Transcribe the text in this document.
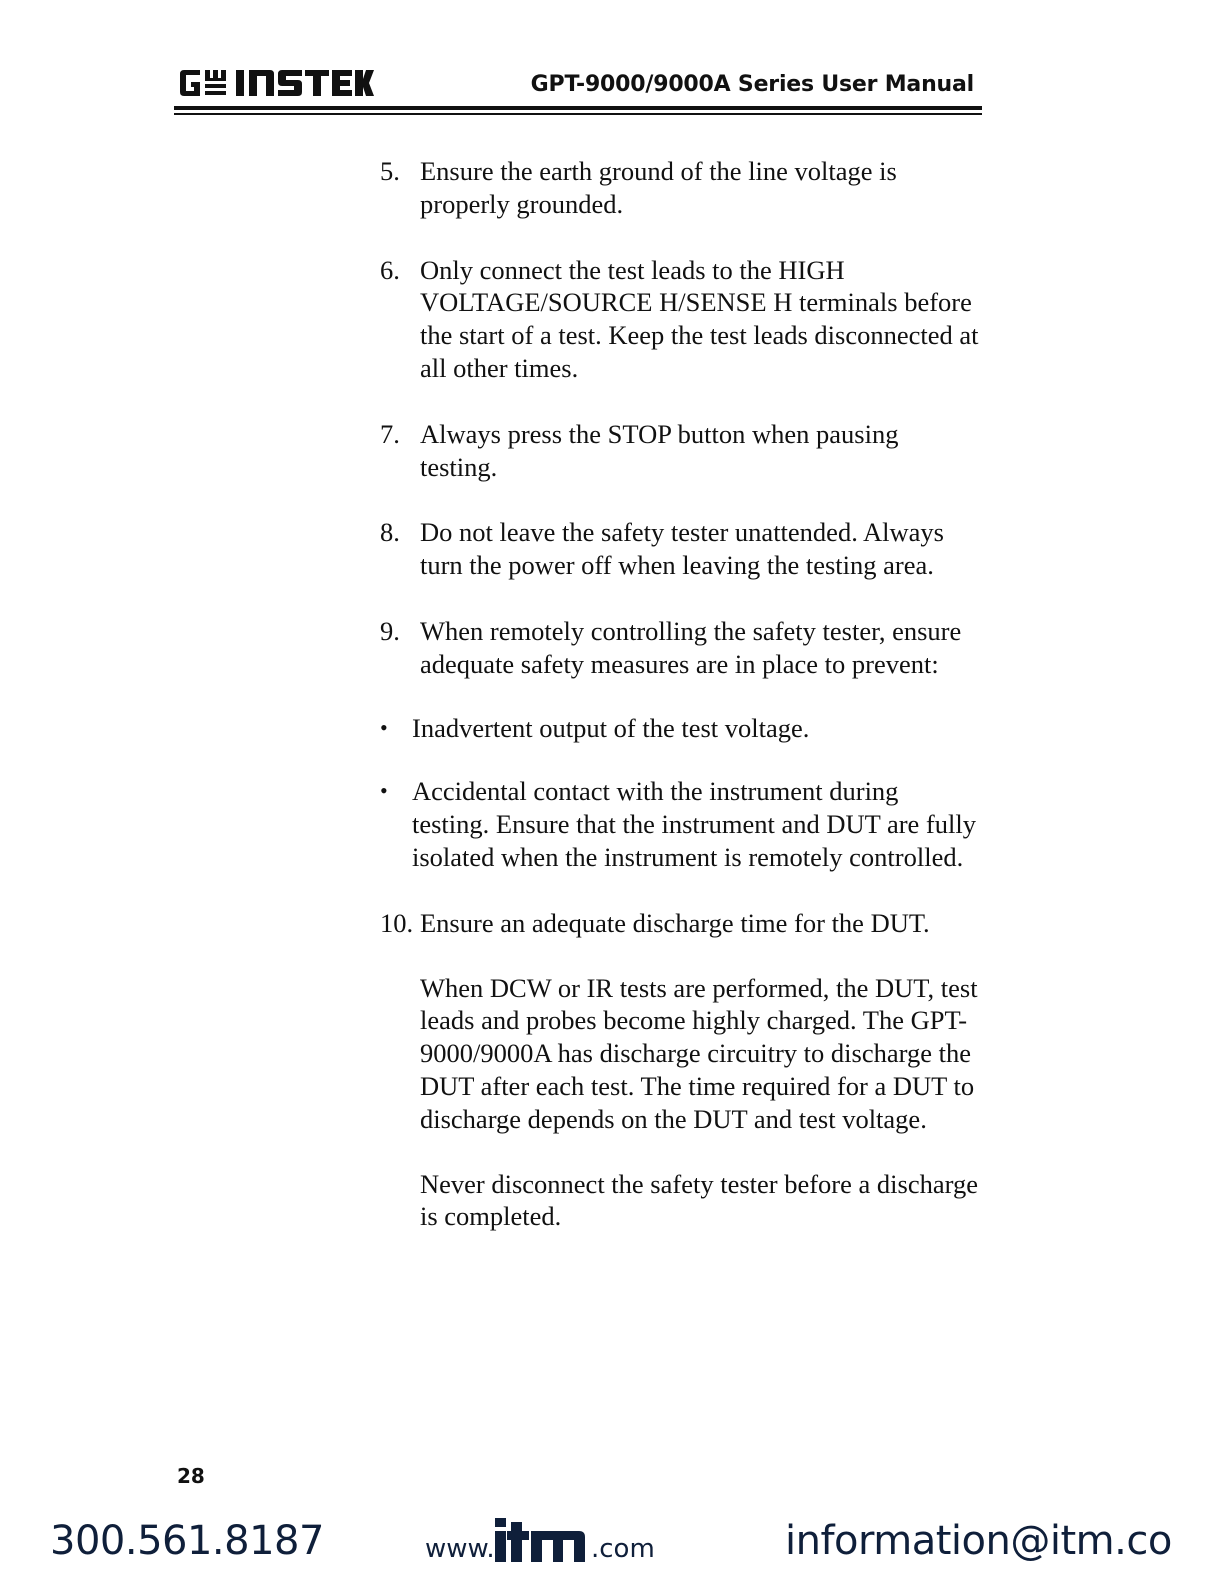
GPT-9000/9000A Series User Manual
5. Ensure the earth ground of the line voltage is properly grounded.
6. Only connect the test leads to the HIGH VOLTAGE/SOURCE H/SENSE H terminals before the start of a test. Keep the test leads disconnected at all other times.
7. Always press the STOP button when pausing testing.
8. Do not leave the safety tester unattended. Always turn the power off when leaving the testing area.
9. When remotely controlling the safety tester, ensure adequate safety measures are in place to prevent:
• Inadvertent output of the test voltage.
• Accidental contact with the instrument during testing. Ensure that the instrument and DUT are fully isolated when the instrument is remotely controlled.
10. Ensure an adequate discharge time for the DUT.
When DCW or IR tests are performed, the DUT, test leads and probes become highly charged. The GPT-9000/9000A has discharge circuitry to discharge the DUT after each test. The time required for a DUT to discharge depends on the DUT and test voltage.
Never disconnect the safety tester before a discharge is completed.
28
300.561.8187	www.	.com	information@itm.co
